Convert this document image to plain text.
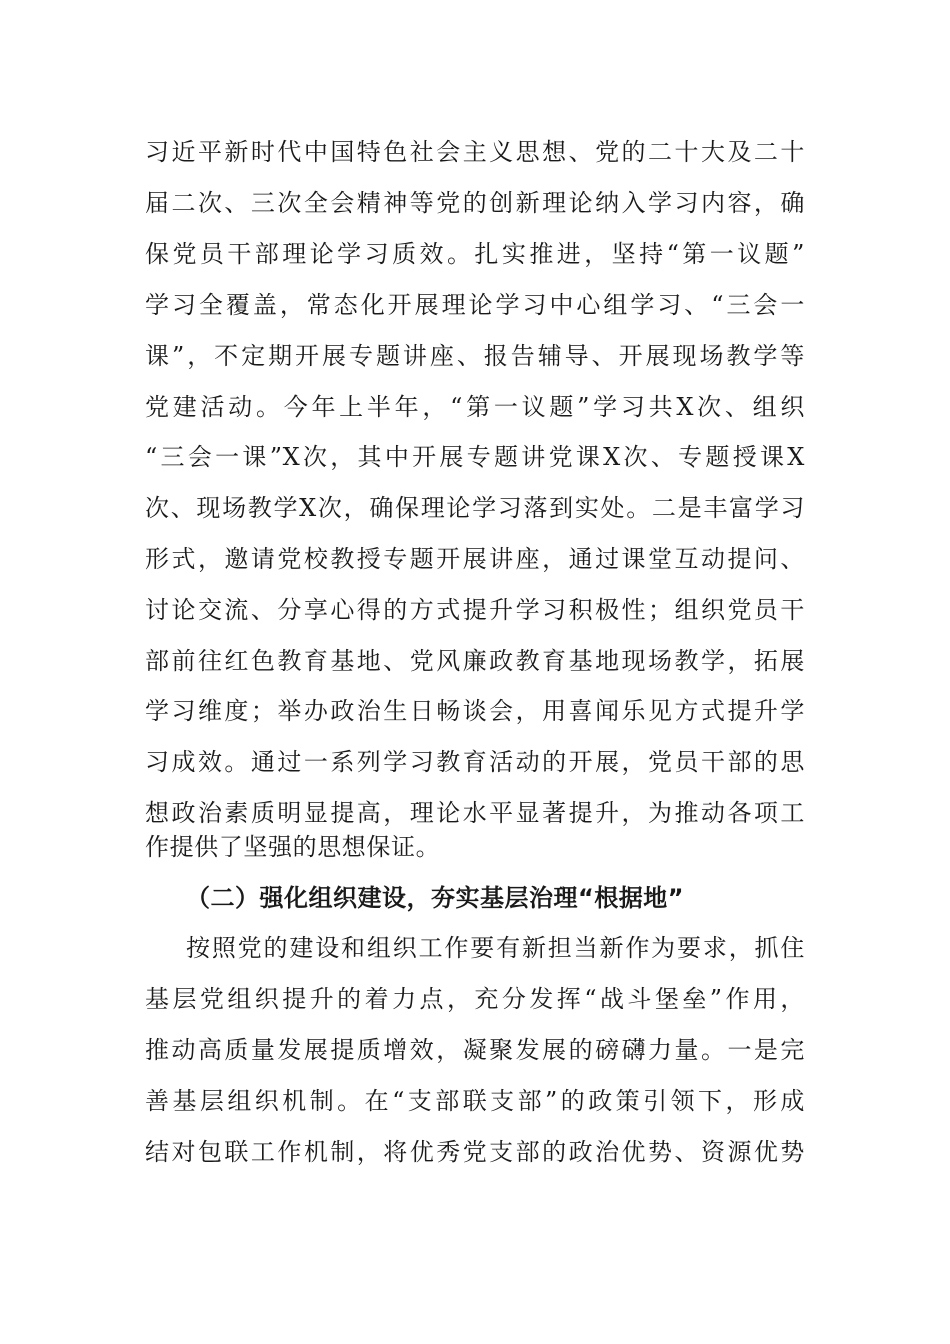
习近平新时代中国特色社会主义思想、党的二十大及二十
届二次、三次全会精神等党的创新理论纳入学习内容，确
保党员干部理论学习质效。扎实推进，坚持“第一议题”
学习全覆盖，常态化开展理论学习中心组学习、“三会一
课”，不定期开展专题讲座、报告辅导、开展现场教学等
党建活动。今年上半年，“第一议题”学习共X次、组织
“三会一课”X次，其中开展专题讲党课X次、专题授课X
次、现场教学X次，确保理论学习落到实处。二是丰富学习
形式，邀请党校教授专题开展讲座，通过课堂互动提问、
讨论交流、分享心得的方式提升学习积极性；组织党员干
部前往红色教育基地、党风廉政教育基地现场教学，拓展
学习维度；举办政治生日畅谈会，用喜闻乐见方式提升学
习成效。通过一系列学习教育活动的开展，党员干部的思
想政治素质明显提高，理论水平显著提升，为推动各项工
作提供了坚强的思想保证。
（二）强化组织建设，夯实基层治理“根据地”
按照党的建设和组织工作要有新担当新作为要求，抓住
基层党组织提升的着力点，充分发挥“战斗堡垒”作用，
推动高质量发展提质增效，凝聚发展的磅礴力量。一是完
善基层组织机制。在“支部联支部”的政策引领下，形成
结对包联工作机制，将优秀党支部的政治优势、资源优势
